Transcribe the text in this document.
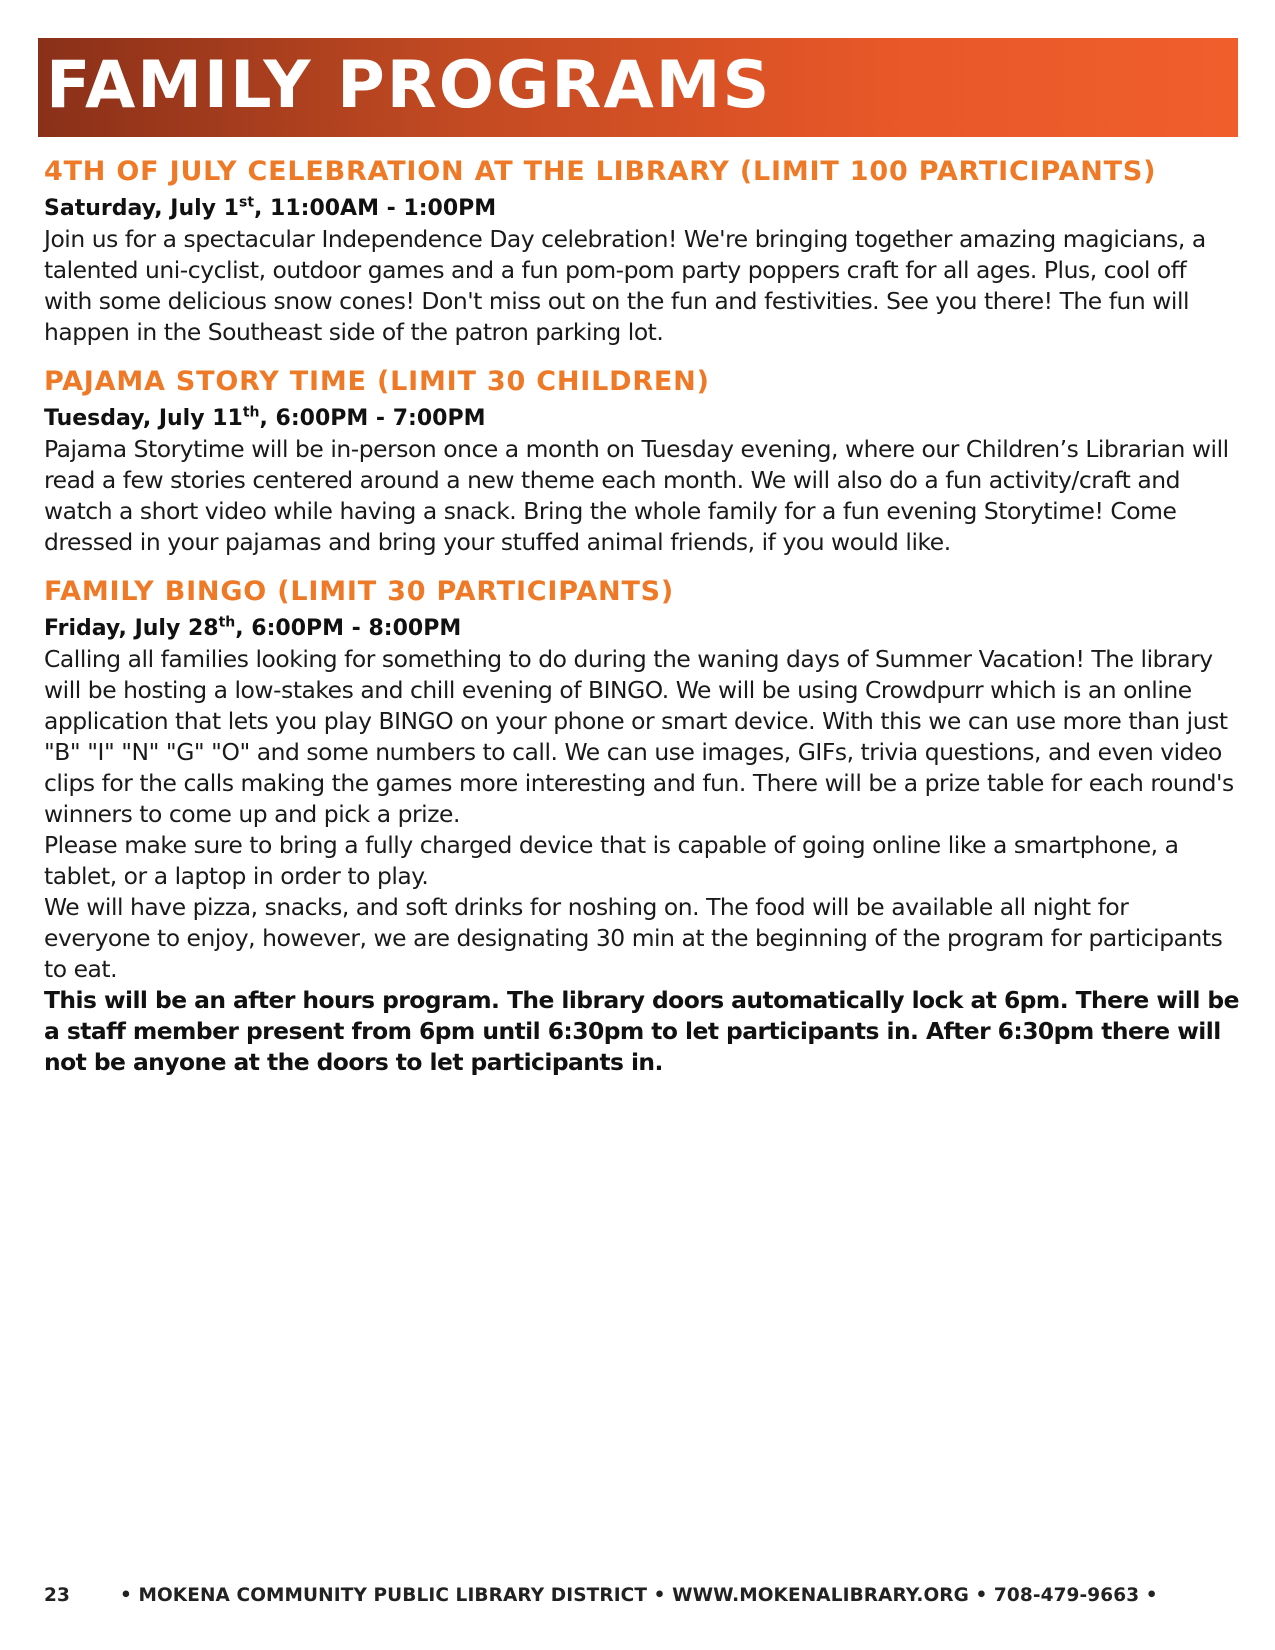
FAMILY PROGRAMS
4TH OF JULY CELEBRATION AT THE LIBRARY (LIMIT 100 PARTICIPANTS)
Saturday, July 1st, 11:00AM - 1:00PM

Join us for a spectacular Independence Day celebration! We're bringing together amazing magicians, a talented uni-cyclist, outdoor games and a fun pom-pom party poppers craft for all ages. Plus, cool off with some delicious snow cones! Don't miss out on the fun and festivities. See you there! The fun will happen in the Southeast side of the patron parking lot.

PAJAMA STORY TIME (LIMIT 30 CHILDREN)
Tuesday, July 11th, 6:00PM - 7:00PM

Pajama Storytime will be in-person once a month on Tuesday evening, where our Children’s Librarian will read a few stories centered around a new theme each month. We will also do a fun activity/craft and watch a short video while having a snack. Bring the whole family for a fun evening Storytime! Come dressed in your pajamas and bring your stuffed animal friends, if you would like.

FAMILY BINGO (LIMIT 30 PARTICIPANTS)
Friday, July 28th, 6:00PM - 8:00PM

Calling all families looking for something to do during the waning days of Summer Vacation! The library will be hosting a low-stakes and chill evening of BINGO. We will be using Crowdpurr which is an online application that lets you play BINGO on your phone or smart device. With this we can use more than just "B" "I" "N" "G" "O" and some numbers to call. We can use images, GIFs, trivia questions, and even video clips for the calls making the games more interesting and fun. There will be a prize table for each round's winners to come up and pick a prize.

Please make sure to bring a fully charged device that is capable of going online like a smartphone, a tablet, or a laptop in order to play.

We will have pizza, snacks, and soft drinks for noshing on. The food will be available all night for everyone to enjoy, however, we are designating 30 min at the beginning of the program for participants to eat.

This will be an after hours program. The library doors automatically lock at 6pm. There will be a staff member present from 6pm until 6:30pm to let participants in. After 6:30pm there will not be anyone at the doors to let participants in.

23	• MOKENA COMMUNITY PUBLIC LIBRARY DISTRICT • WWW.MOKENALIBRARY.ORG • 708-479-9663 •
